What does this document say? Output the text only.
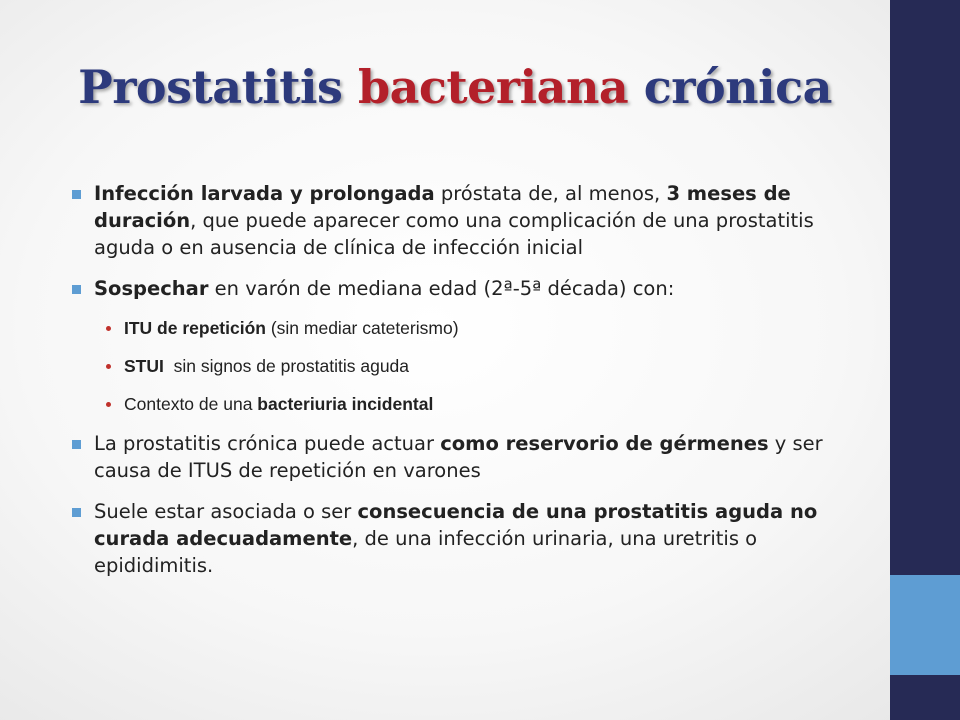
Prostatitis bacteriana crónica
Infección larvada y prolongada próstata de, al menos, 3 meses de duración, que puede aparecer como una complicación de una prostatitis aguda o en ausencia de clínica de infección inicial
Sospechar en varón de mediana edad (2ª-5ª década) con:
ITU de repetición (sin mediar cateterismo)
STUI  sin signos de prostatitis aguda
Contexto de una bacteriuria incidental
La prostatitis crónica puede actuar como reservorio de gérmenes y ser causa de ITUS de repetición en varones
Suele estar asociada o ser consecuencia de una prostatitis aguda no curada adecuadamente, de una infección urinaria, una uretritis o epididimitis.
